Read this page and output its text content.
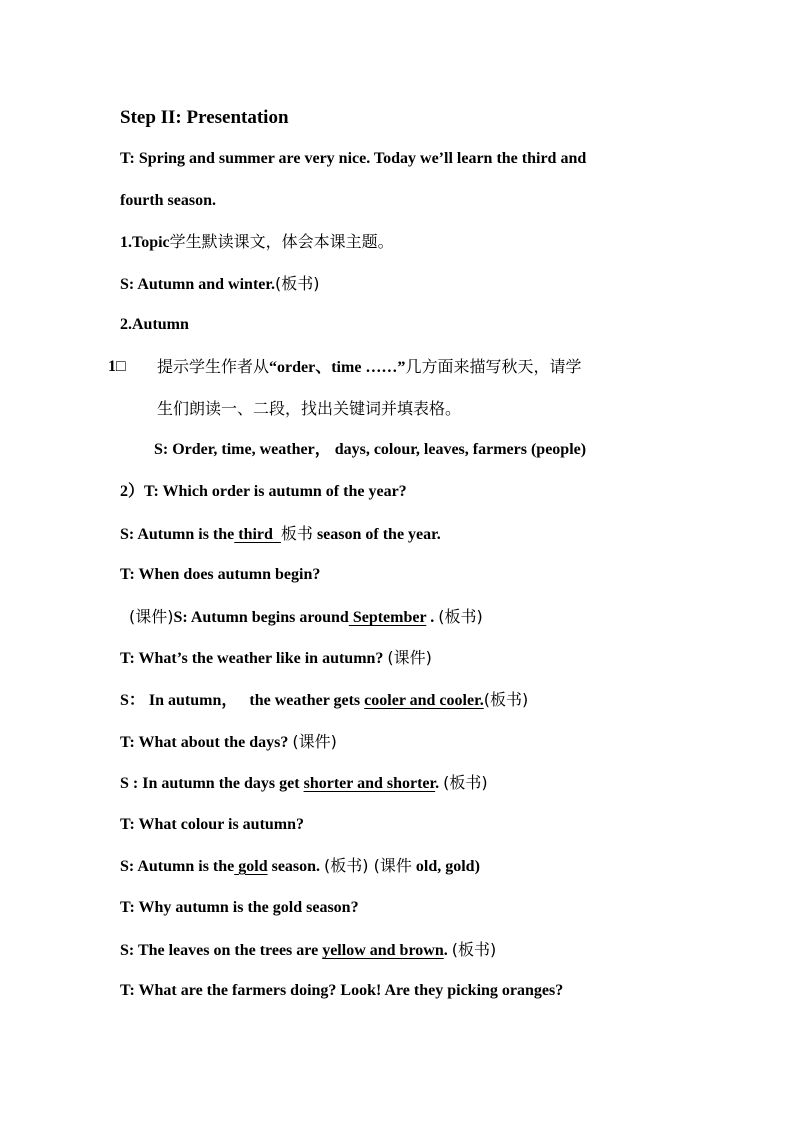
Step II: Presentation
T: Spring and summer are very nice. Today we’ll learn the third and
fourth season.
1.Topic学生默读课文，体会本课主题。
S: Autumn and winter.(板书)
2.Autumn
1□ 提示学生作者从“order、time ……”几方面来描写秋天，请学
生们朗读一、二段，找出关键词并填表格。
S: Order, time, weather， days, colour, leaves, farmers (people)
2）T: Which order is autumn of the year?
S: Autumn is the third  板书 season of the year.
T: When does autumn begin?
(课件)S: Autumn begins around September . (板书)
T: What’s the weather like in autumn? (课件)
S： In autumn，   the weather gets cooler and cooler.(板书)
T: What about the days? (课件)
S : In autumn the days get shorter and shorter. (板书)
T: What colour is autumn?
S: Autumn is the gold season. (板书) (课件 old, gold)
T: Why autumn is the gold season?
S: The leaves on the trees are yellow and brown. (板书)
T: What are the farmers doing? Look! Are they picking oranges?
